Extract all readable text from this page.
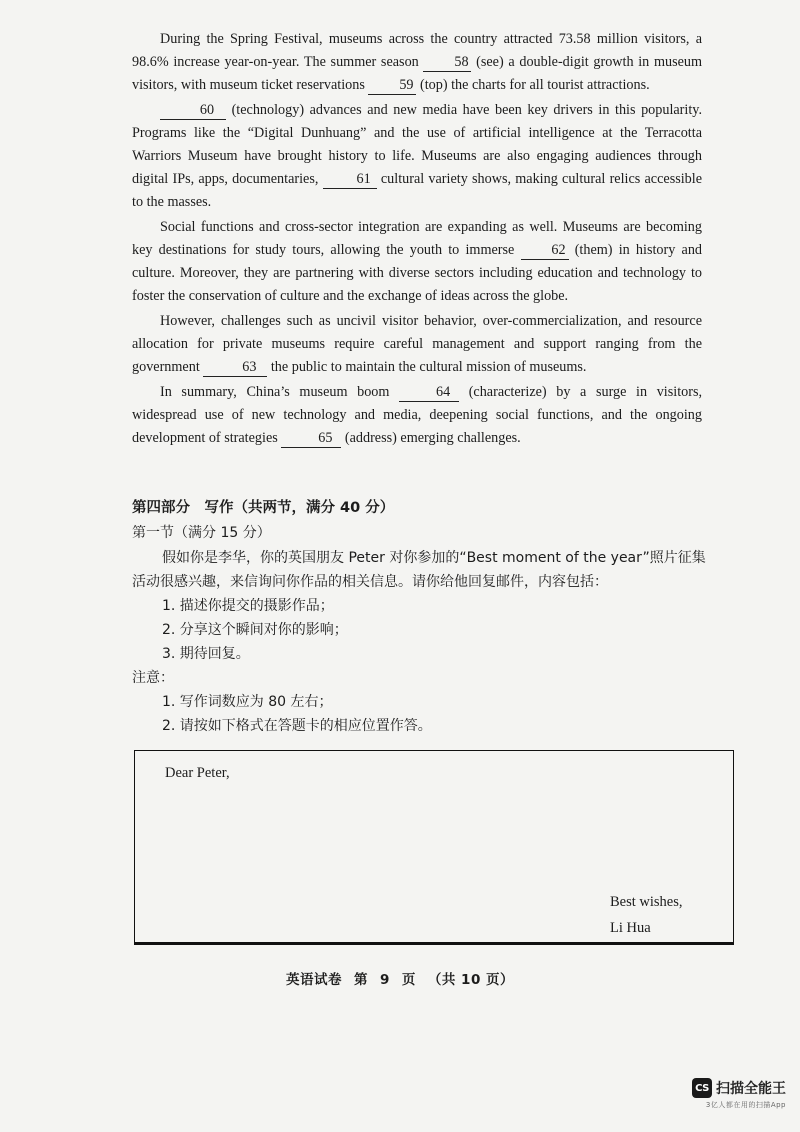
During the Spring Festival, museums across the country attracted 73.58 million visitors, a 98.6% increase year-on-year. The summer season	58 (see) a double-digit growth in museum visitors, with museum ticket reservations 59 (top) the charts for all tourist attractions.

60 (technology) advances and new media have been key drivers in this popularity. Programs like the “Digital Dunhuang” and the use of artificial intelligence at the Terracotta Warriors Museum have brought history to life. Museums are also engaging audiences through digital IPs, apps, documentaries,	61 cultural variety shows, making cultural relics accessible to the masses.

Social functions and cross-sector integration are expanding as well. Museums are becoming key destinations for study tours, allowing the youth to immerse	62 (them) in history and culture. Moreover, they are partnering with diverse sectors including education and technology to foster the conservation of culture and the exchange of ideas across the globe.

However, challenges such as uncivil visitor behavior, over-commercialization, and resource allocation for private museums require careful management and support ranging from the government	63 the public to maintain the cultural mission of museums.

In summary, China’s museum boom	64 (characterize) by a surge in visitors, widespread use of new technology and media, deepening social functions, and the ongoing development of strategies	65 (address) emerging challenges.

第四部分　写作（共两节，满分 40 分）
第一节（满分 15 分）
假如你是李华，你的英国朋友 Peter 对你参加的“Best moment of the year”照片征集活动很感兴趣，来信询问你作品的相关信息。请你给他回复邮件，内容包括：
1. 描述你提交的摄影作品；
2. 分享这个瞬间对你的影响；
3. 期待回复。
注意：
1. 写作词数应为 80 左右；
2. 请按如下格式在答题卡的相应位置作答。
Dear Peter,
Best wishes,
Li Hua
英语试卷 第 9 页 （共 10 页）
CS 扫描全能王
3亿人都在用的扫描App
